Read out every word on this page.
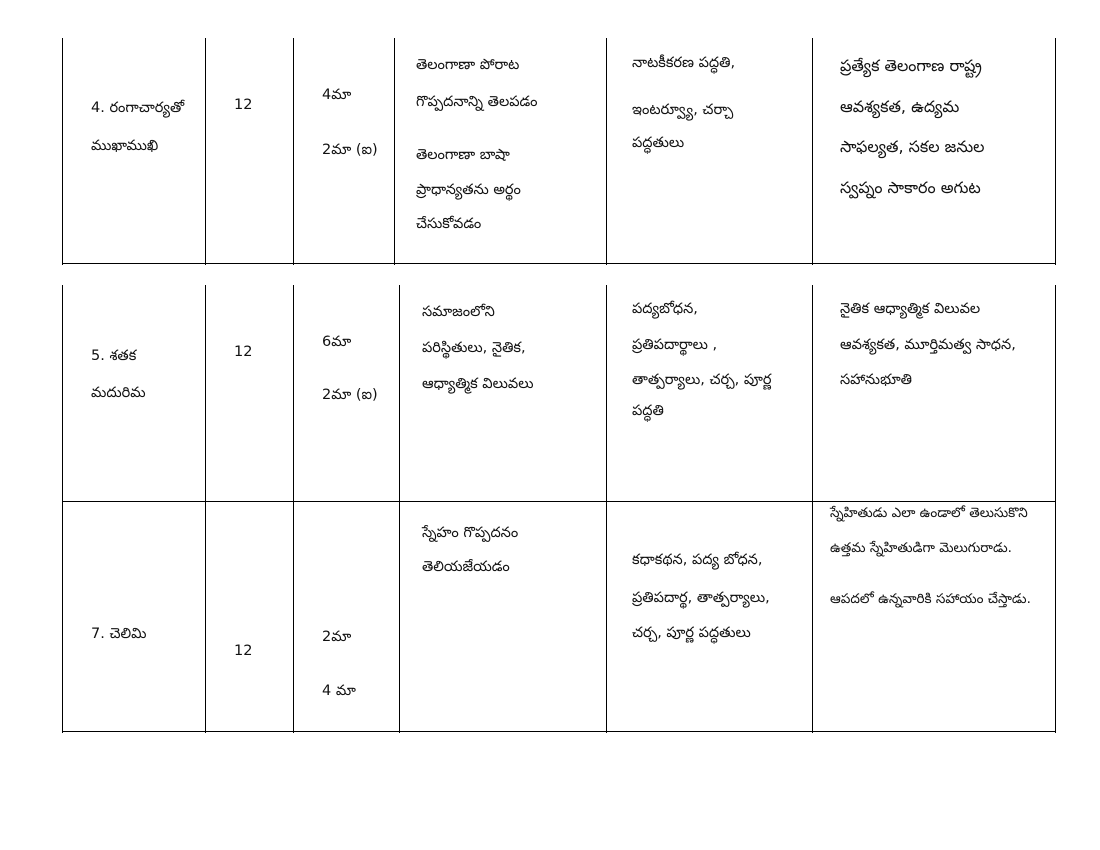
4. రంగాచార్యతో
ముఖాముఖి
12
4మా
2మా (ఐ)
తెలంగాణా పోరాట
గొప్పదనాన్ని తెలపడం
తెలంగాణా బాషా
ప్రాధాన్యతను అర్థం
చేసుకోవడం
నాటకీకరణ పద్ధతి,
ఇంటర్వ్యూ, చర్చా
పద్ధతులు
ప్రత్యేక తెలంగాణ రాష్ట్ర
ఆవశ్యకత, ఉద్యమ
సాఫల్యత, సకల జనుల
స్వప్నం సాకారం అగుట
5. శతక
మదురిమ
12
6మా
2మా (ఐ)
సమాజంలోని
పరిస్థితులు, నైతిక,
ఆధ్యాత్మిక విలువలు
పద్యబోధన,
ప్రతిపదార్థాలు ,
తాత్పర్యాలు, చర్చ, పూర్ణ
పద్ధతి
నైతిక ఆధ్యాత్మిక విలువల
ఆవశ్యకత, మూర్తిమత్వ సాధన,
సహానుభూతి
7. చెలిమి
12
2మా
4 మా
స్నేహం గొప్పదనం
తెలియజేయడం	కధాకథన, పద్య బోధన,
ప్రతిపదార్థ, తాత్పర్యాలు,
చర్చ, పూర్ణ పద్ధతులు
స్నేహితుడు ఎలా ఉండాలో తెలుసుకొని
ఉత్తమ స్నేహితుడిగా మెలుగురాడు.
ఆపదలో ఉన్నవారికి సహాయం చేస్తాడు.
